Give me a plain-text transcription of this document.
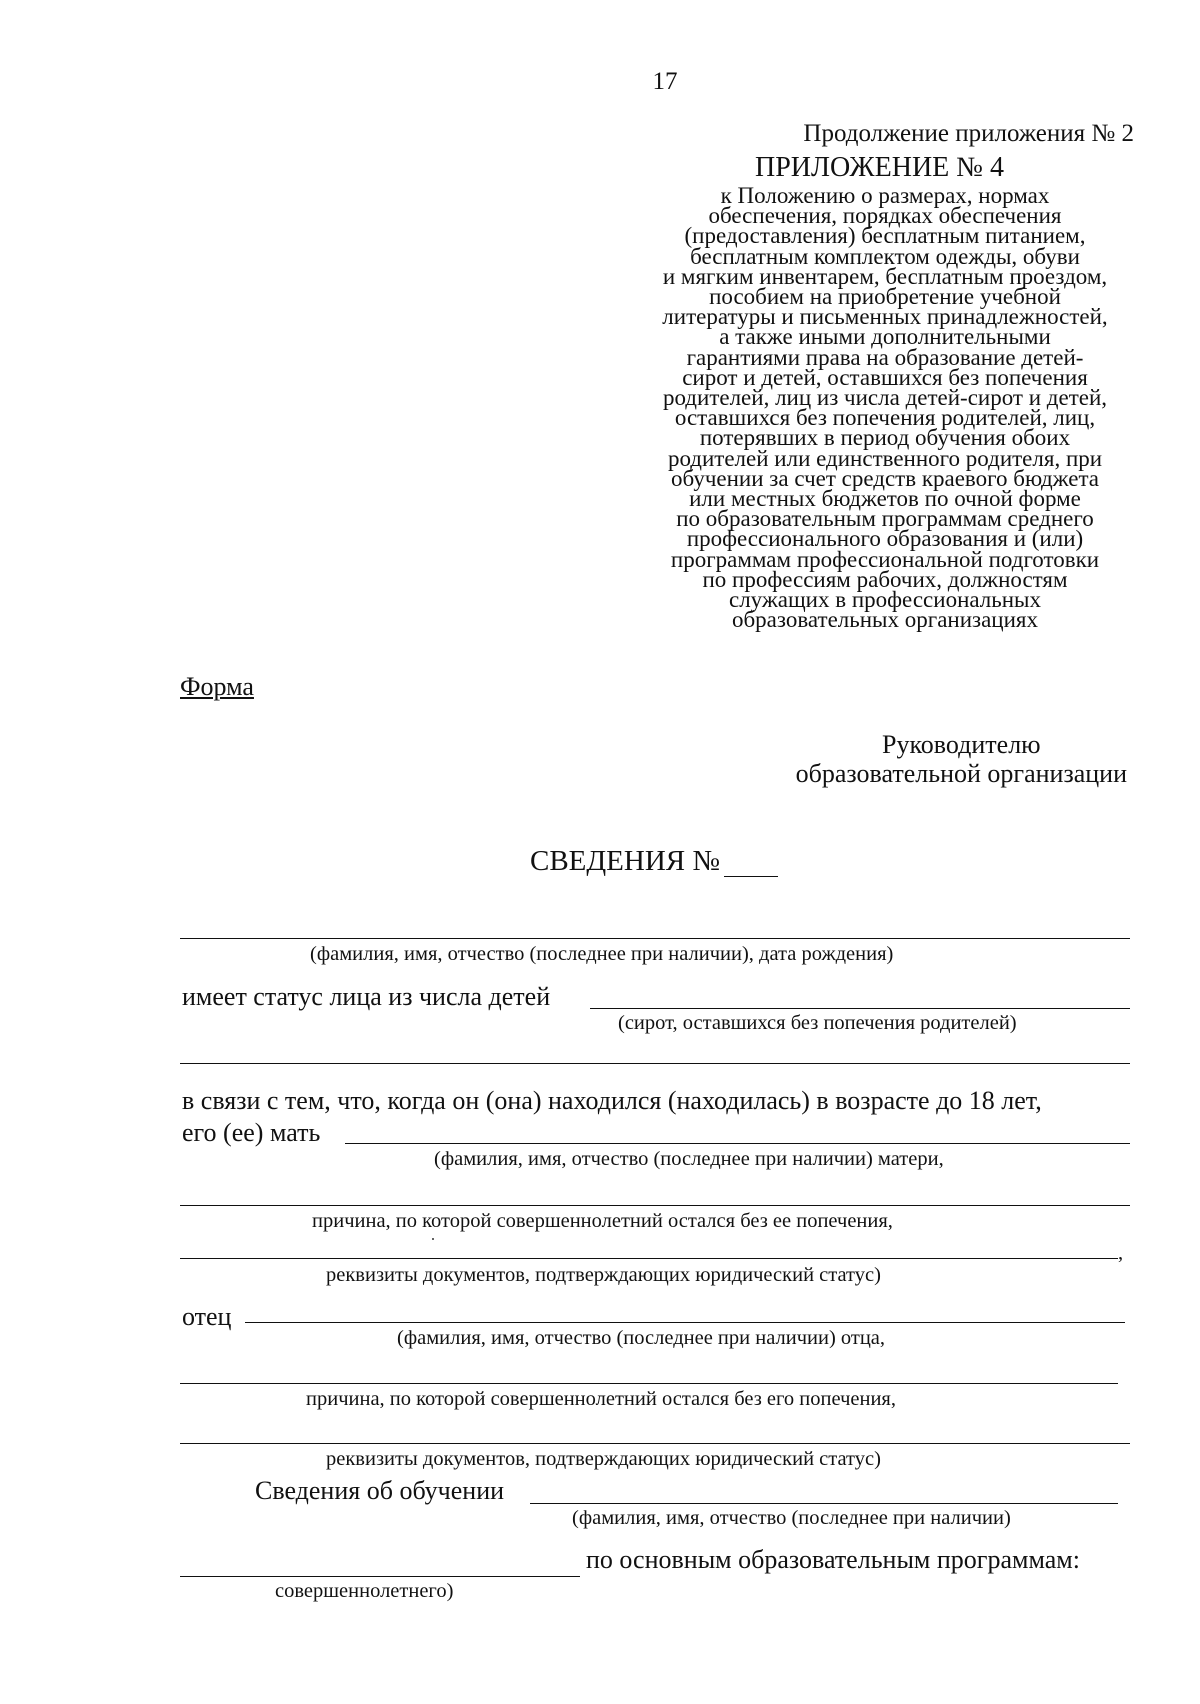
17
Продолжение приложения № 2
ПРИЛОЖЕНИЕ № 4
к Положению о размерах, нормах
обеспечения, порядках обеспечения
(предоставления) бесплатным питанием,
бесплатным комплектом одежды, обуви
и мягким инвентарем, бесплатным проездом,
пособием на приобретение учебной
литературы и письменных принадлежностей,
а также иными дополнительными
гарантиями права на образование детей-
сирот и детей, оставшихся без попечения
родителей, лиц из числа детей-сирот и детей,
оставшихся без попечения родителей, лиц,
потерявших в период обучения обоих
родителей или единственного родителя, при
обучении за счет средств краевого бюджета
или местных бюджетов по очной форме
по образовательным программам среднего
профессионального образования и (или)
программам профессиональной подготовки
по профессиям рабочих, должностям
служащих в профессиональных
образовательных организациях
Форма
Руководителю
образовательной организации
СВЕДЕНИЯ №
(фамилия, имя, отчество (последнее при наличии), дата рождения)
имеет статус лица из числа детей
(сирот, оставшихся без попечения родителей)
в связи с тем, что, когда он (она) находился (находилась) в возрасте до 18 лет,
его (ее) мать
(фамилия, имя, отчество (последнее при наличии) матери,
причина, по которой совершеннолетний остался без ее попечения,
,
реквизиты документов, подтверждающих юридический статус)
отец
(фамилия, имя, отчество (последнее при наличии) отца,
причина, по которой совершеннолетний остался без его попечения,
реквизиты документов, подтверждающих юридический статус)
Сведения об обучении
(фамилия, имя, отчество (последнее при наличии)
по основным образовательным программам:
совершеннолетнего)
